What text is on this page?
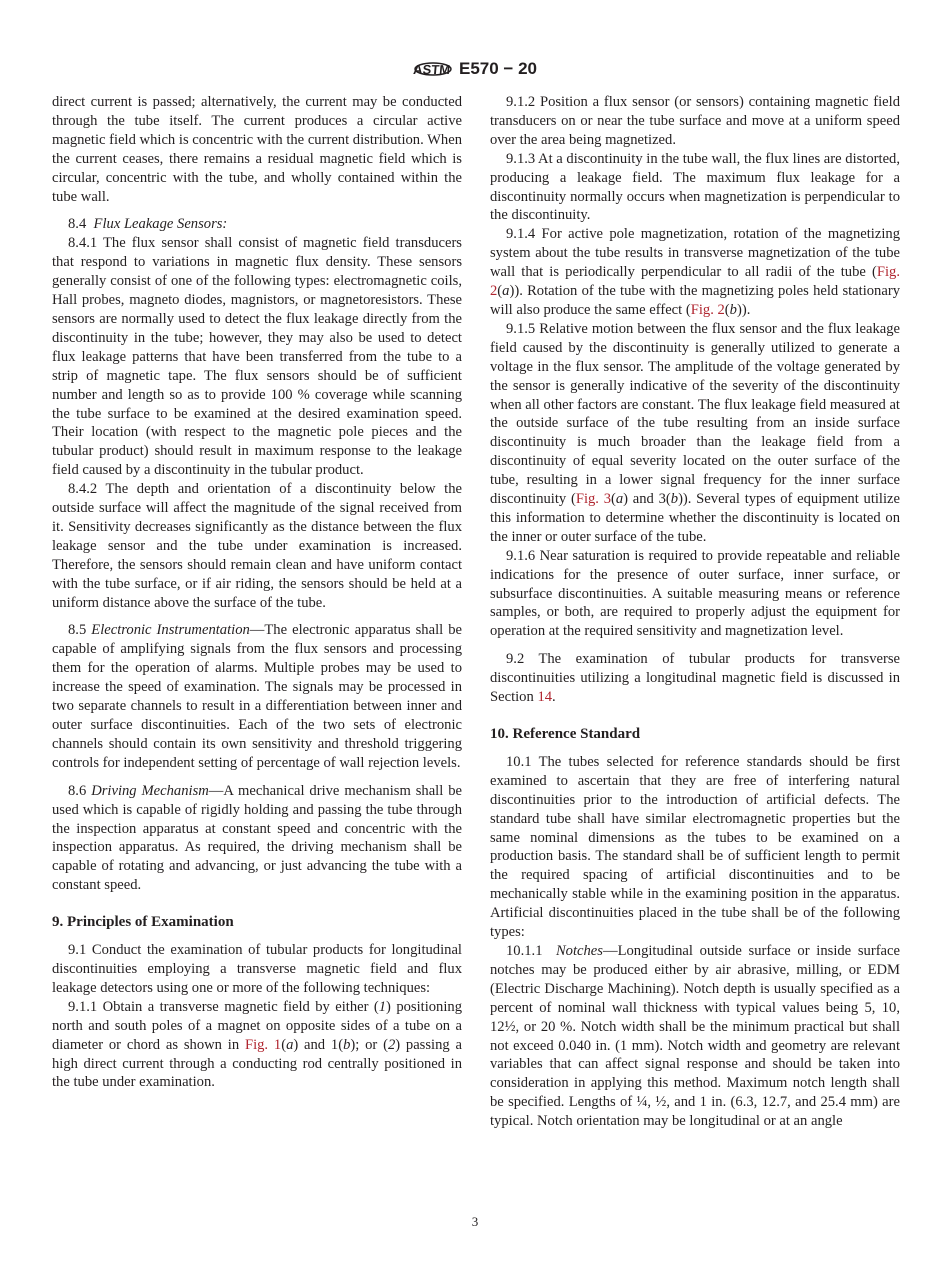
ASTM E570 − 20

direct current is passed; alternatively, the current may be conducted through the tube itself. The current produces a circular active magnetic field which is concentric with the current distribution. When the current ceases, there remains a residual magnetic field which is circular, concentric with the tube, and wholly contained within the tube wall.

8.4 Flux Leakage Sensors:

8.4.1 The flux sensor shall consist of magnetic field transducers that respond to variations in magnetic flux density. These sensors generally consist of one of the following types: electromagnetic coils, Hall probes, magneto diodes, magnistors, or magnetoresistors. These sensors are normally used to detect the flux leakage directly from the discontinuity in the tube; however, they may also be used to detect flux leakage patterns that have been transferred from the tube to a strip of magnetic tape. The flux sensors should be of sufficient number and length so as to provide 100 % coverage while scanning the tube surface to be examined at the desired examination speed. Their location (with respect to the magnetic pole pieces and the tubular product) should result in maximum response to the leakage field caused by a discontinuity in the tubular product.

8.4.2 The depth and orientation of a discontinuity below the outside surface will affect the magnitude of the signal received from it. Sensitivity decreases significantly as the distance between the flux leakage sensor and the tube under examination is increased. Therefore, the sensors should remain clean and have uniform contact with the tube surface, or if air riding, the sensors should be held at a uniform distance above the surface of the tube.

8.5 Electronic Instrumentation—The electronic apparatus shall be capable of amplifying signals from the flux sensors and processing them for the operation of alarms. Multiple probes may be used to increase the speed of examination. The signals may be processed in two separate channels to result in a differentiation between inner and outer surface discontinuities. Each of the two sets of electronic channels should contain its own sensitivity and threshold triggering controls for independent setting of percentage of wall rejection levels.

8.6 Driving Mechanism—A mechanical drive mechanism shall be used which is capable of rigidly holding and passing the tube through the inspection apparatus at constant speed and concentric with the inspection apparatus. As required, the driving mechanism shall be capable of rotating and advancing, or just advancing the tube with a constant speed.

9. Principles of Examination

9.1 Conduct the examination of tubular products for longitudinal discontinuities employing a transverse magnetic field and flux leakage detectors using one or more of the following techniques:

9.1.1 Obtain a transverse magnetic field by either (1) positioning north and south poles of a magnet on opposite sides of a tube on a diameter or chord as shown in Fig. 1(a) and 1(b); or (2) passing a high direct current through a conducting rod centrally positioned in the tube under examination.

9.1.2 Position a flux sensor (or sensors) containing magnetic field transducers on or near the tube surface and move at a uniform speed over the area being magnetized.

9.1.3 At a discontinuity in the tube wall, the flux lines are distorted, producing a leakage field. The maximum flux leakage for a discontinuity normally occurs when magnetization is perpendicular to the discontinuity.

9.1.4 For active pole magnetization, rotation of the magnetizing system about the tube results in transverse magnetization of the tube wall that is periodically perpendicular to all radii of the tube (Fig. 2(a)). Rotation of the tube with the magnetizing poles held stationary will also produce the same effect (Fig. 2(b)).

9.1.5 Relative motion between the flux sensor and the flux leakage field caused by the discontinuity is generally utilized to generate a voltage in the flux sensor. The amplitude of the voltage generated by the sensor is generally indicative of the severity of the discontinuity when all other factors are constant. The flux leakage field measured at the outside surface of the tube resulting from an inside surface discontinuity is much broader than the leakage field from a discontinuity of equal severity located on the outer surface of the tube, resulting in a lower signal frequency for the inner surface discontinuity (Fig. 3(a) and 3(b)). Several types of equipment utilize this information to determine whether the discontinuity is located on the inner or outer surface of the tube.

9.1.6 Near saturation is required to provide repeatable and reliable indications for the presence of outer surface, inner surface, or subsurface discontinuities. A suitable measuring means or reference samples, or both, are required to properly adjust the equipment for operation at the required sensitivity and magnetization level.

9.2 The examination of tubular products for transverse discontinuities utilizing a longitudinal magnetic field is discussed in Section 14.

10. Reference Standard

10.1 The tubes selected for reference standards should be first examined to ascertain that they are free of interfering natural discontinuities prior to the introduction of artificial defects. The standard tube shall have similar electromagnetic properties but the same nominal dimensions as the tubes to be examined on a production basis. The standard shall be of sufficient length to permit the required spacing of artificial discontinuities and to be mechanically stable while in the examining position in the apparatus. Artificial discontinuities placed in the tube shall be of the following types:

10.1.1 Notches—Longitudinal outside surface or inside surface notches may be produced either by air abrasive, milling, or EDM (Electric Discharge Machining). Notch depth is usually specified as a percent of nominal wall thickness with typical values being 5, 10, 12½, or 20 %. Notch width shall be the minimum practical but shall not exceed 0.040 in. (1 mm). Notch width and geometry are relevant variables that can affect signal response and should be taken into consideration in applying this method. Maximum notch length shall be specified. Lengths of ¼, ½, and 1 in. (6.3, 12.7, and 25.4 mm) are typical. Notch orientation may be longitudinal or at an angle

3
